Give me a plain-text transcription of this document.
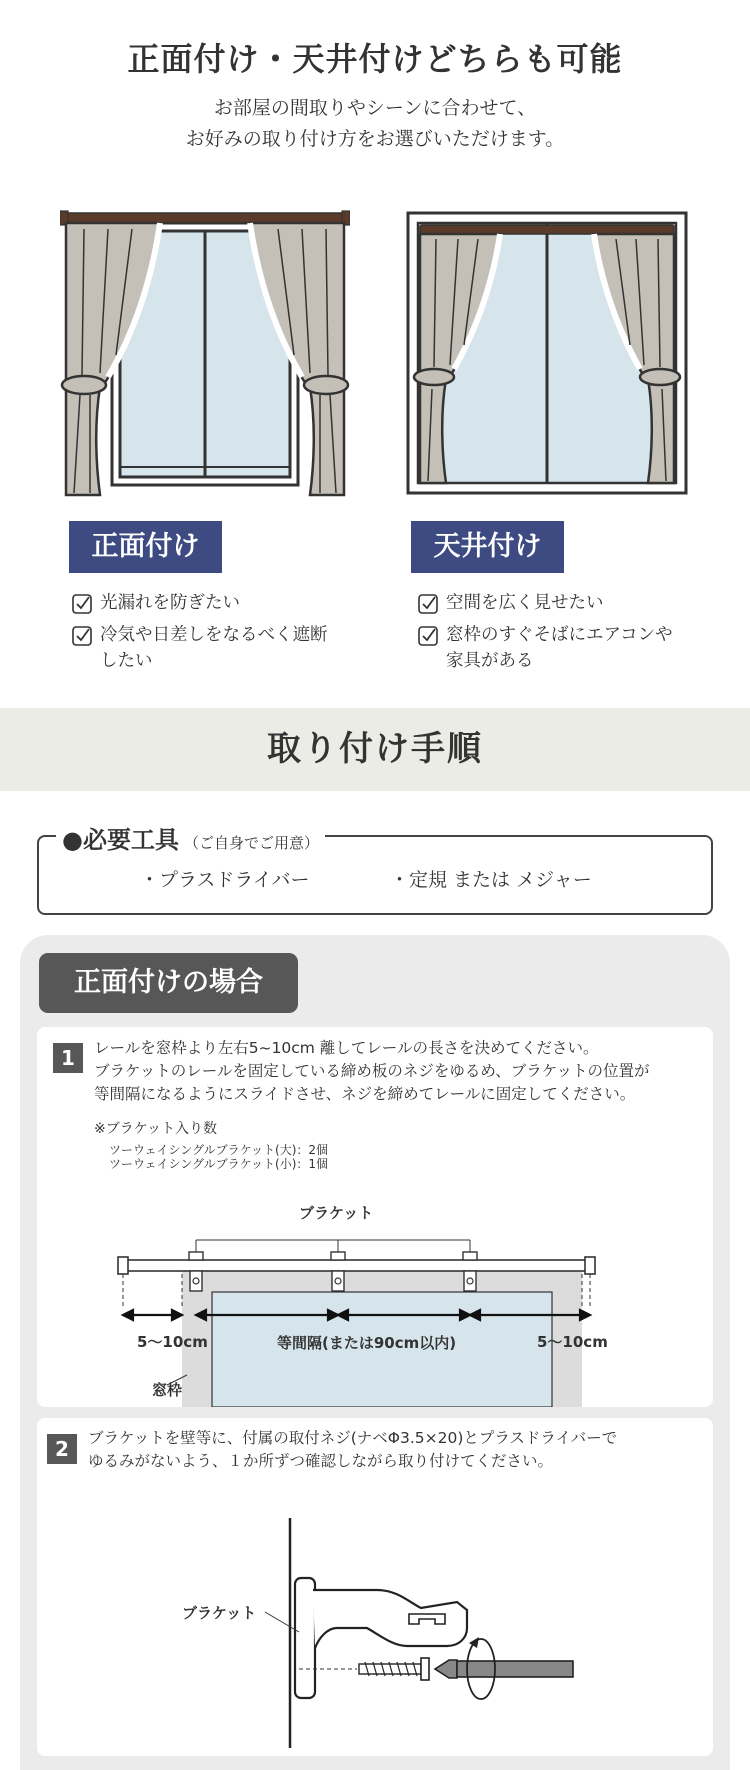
正面付け・天井付けどちらも可能
お部屋の間取りやシーンに合わせて、
お好みの取り付け方をお選びいただけます。
正面付け	天井付け
光漏れを防ぎたい
冷気や日差しをなるべく遮断
したい
空間を広く見せたい
窓枠のすぐそばにエアコンや
家具がある
取り付け手順
●必要工具 （ご自身でご用意）
・プラスドライバー	・定規 または メジャー
正面付けの場合
1	レールを窓枠より左右5~10cm 離してレールの長さを決めてください。
ブラケットのレールを固定している締め板のネジをゆるめ、ブラケットの位置が
等間隔になるようにスライドさせ、ネジを締めてレールに固定してください。
※ブラケット入り数
ツーウェイシングルブラケット(大)：2個
ツーウェイシングルブラケット(小)：1個
ブラケット
5～10cm	5～10cm
等間隔(または90cm以内)
窓枠
2	ブラケットを壁等に、付属の取付ネジ(ナベΦ3.5×20)とプラスドライバーで
ゆるみがないよう、１か所ずつ確認しながら取り付けてください。
ブラケット
